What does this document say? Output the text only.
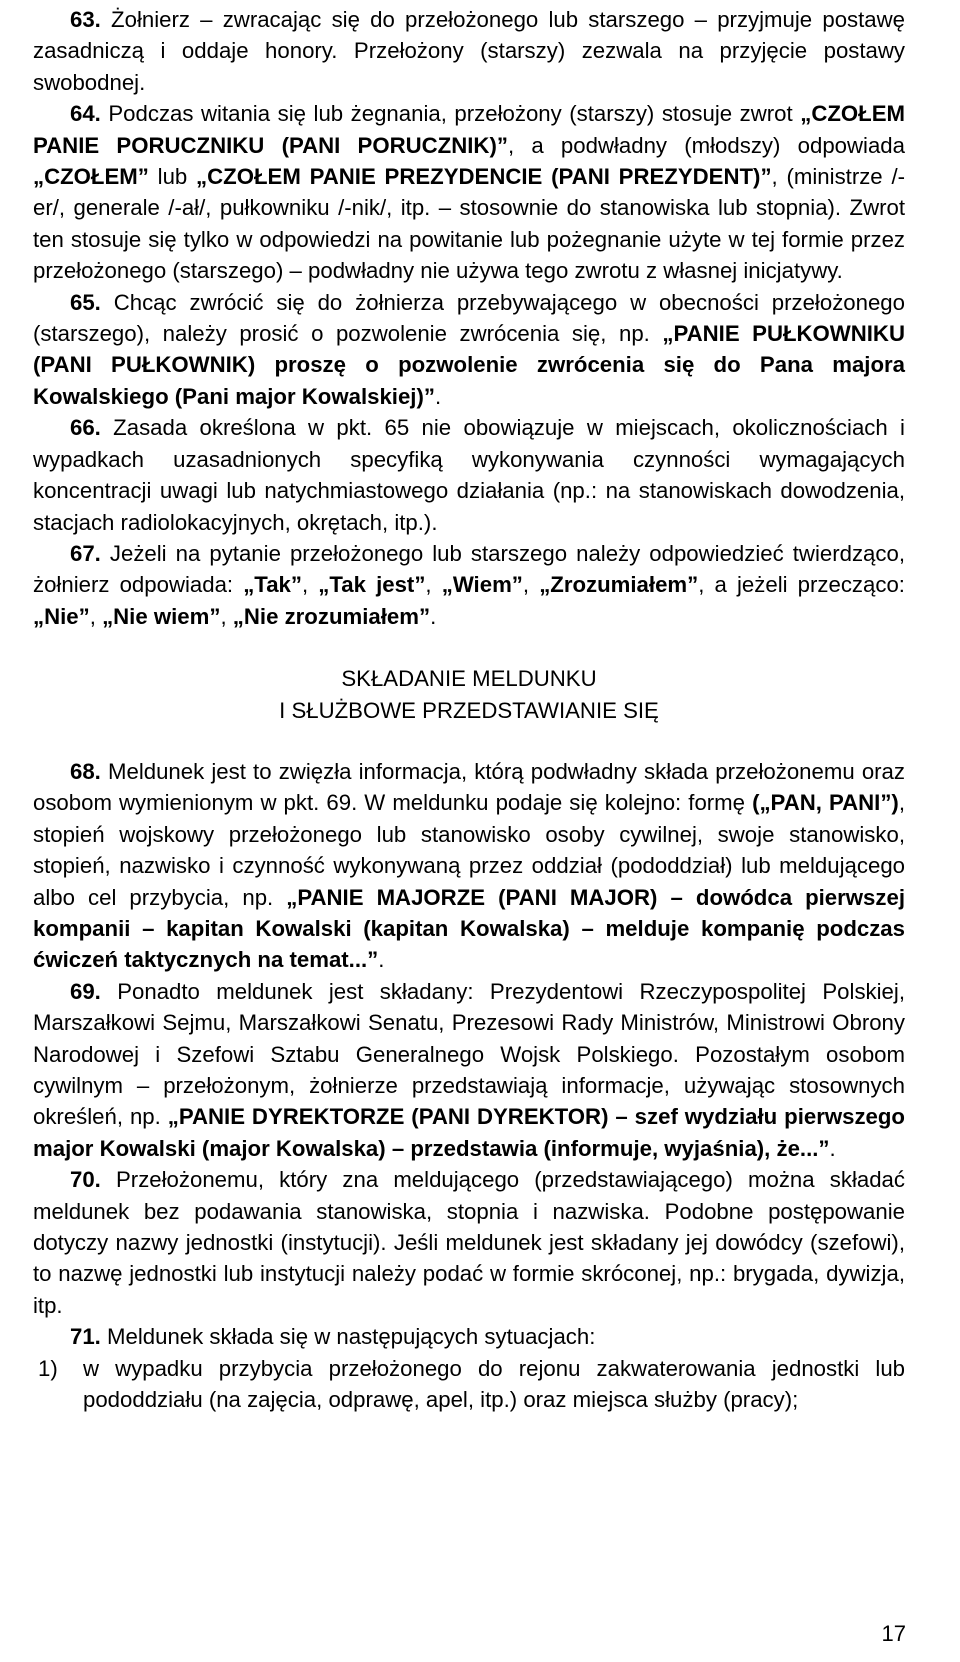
63. Żołnierz – zwracając się do przełożonego lub starszego – przyjmuje postawę zasadniczą i oddaje honory. Przełożony (starszy) zezwala na przyjęcie postawy swobodnej.

64. Podczas witania się lub żegnania, przełożony (starszy) stosuje zwrot „CZOŁEM PANIE PORUCZNIKU (PANI PORUCZNIK)”, a podwładny (młodszy) odpowiada „CZOŁEM” lub „CZOŁEM PANIE PREZYDENCIE (PANI PREZYDENT)”, (ministrze /-er/, generale /-ał/, pułkowniku /-nik/, itp. – stosownie do stanowiska lub stopnia). Zwrot ten stosuje się tylko w odpowiedzi na powitanie lub pożegnanie użyte w tej formie przez przełożonego (starszego) – podwładny nie używa tego zwrotu z własnej inicjatywy.

65. Chcąc zwrócić się do żołnierza przebywającego w obecności przełożonego (starszego), należy prosić o pozwolenie zwrócenia się, np. „PANIE PUŁKOWNIKU (PANI PUŁKOWNIK) proszę o pozwolenie zwrócenia się do Pana majora Kowalskiego (Pani major Kowalskiej)”.

66. Zasada określona w pkt. 65 nie obowiązuje w miejscach, okolicznościach i wypadkach uzasadnionych specyfiką wykonywania czynności wymagających koncentracji uwagi lub natychmiastowego działania (np.: na stanowiskach dowodzenia, stacjach radiolokacyjnych, okrętach, itp.).

67. Jeżeli na pytanie przełożonego lub starszego należy odpowiedzieć twierdząco, żołnierz odpowiada: „Tak”, „Tak jest”, „Wiem”, „Zrozumiałem”, a jeżeli przecząco: „Nie”, „Nie wiem”, „Nie zrozumiałem”.

SKŁADANIE MELDUNKU
I SŁUŻBOWE PRZEDSTAWIANIE SIĘ

68. Meldunek jest to zwięzła informacja, którą podwładny składa przełożonemu oraz osobom wymienionym w pkt. 69. W meldunku podaje się kolejno: formę („PAN, PANI”), stopień wojskowy przełożonego lub stanowisko osoby cywilnej, swoje stanowisko, stopień, nazwisko i czynność wykonywaną przez oddział (pododdział) lub meldującego albo cel przybycia, np. „PANIE MAJORZE (PANI MAJOR) – dowódca pierwszej kompanii – kapitan Kowalski (kapitan Kowalska) – melduje kompanię podczas ćwiczeń taktycznych na temat...”.

69. Ponadto meldunek jest składany: Prezydentowi Rzeczypospolitej Polskiej, Marszałkowi Sejmu, Marszałkowi Senatu, Prezesowi Rady Ministrów, Ministrowi Obrony Narodowej i Szefowi Sztabu Generalnego Wojsk Polskiego. Pozostałym osobom cywilnym – przełożonym, żołnierze przedstawiają informacje, używając stosownych określeń, np. „PANIE DYREKTORZE (PANI DYREKTOR) – szef wydziału pierwszego major Kowalski (major Kowalska) – przedstawia (informuje, wyjaśnia), że...”.

70. Przełożonemu, który zna meldującego (przedstawiającego) można składać meldunek bez podawania stanowiska, stopnia i nazwiska. Podobne postępowanie dotyczy nazwy jednostki (instytucji). Jeśli meldunek jest składany jej dowódcy (szefowi), to nazwę jednostki lub instytucji należy podać w formie skróconej, np.: brygada, dywizja, itp.

71. Meldunek składa się w następujących sytuacjach:

1)	w wypadku przybycia przełożonego do rejonu zakwaterowania jednostki lub pododdziału (na zajęcia, odprawę, apel, itp.) oraz miejsca służby (pracy);
17
